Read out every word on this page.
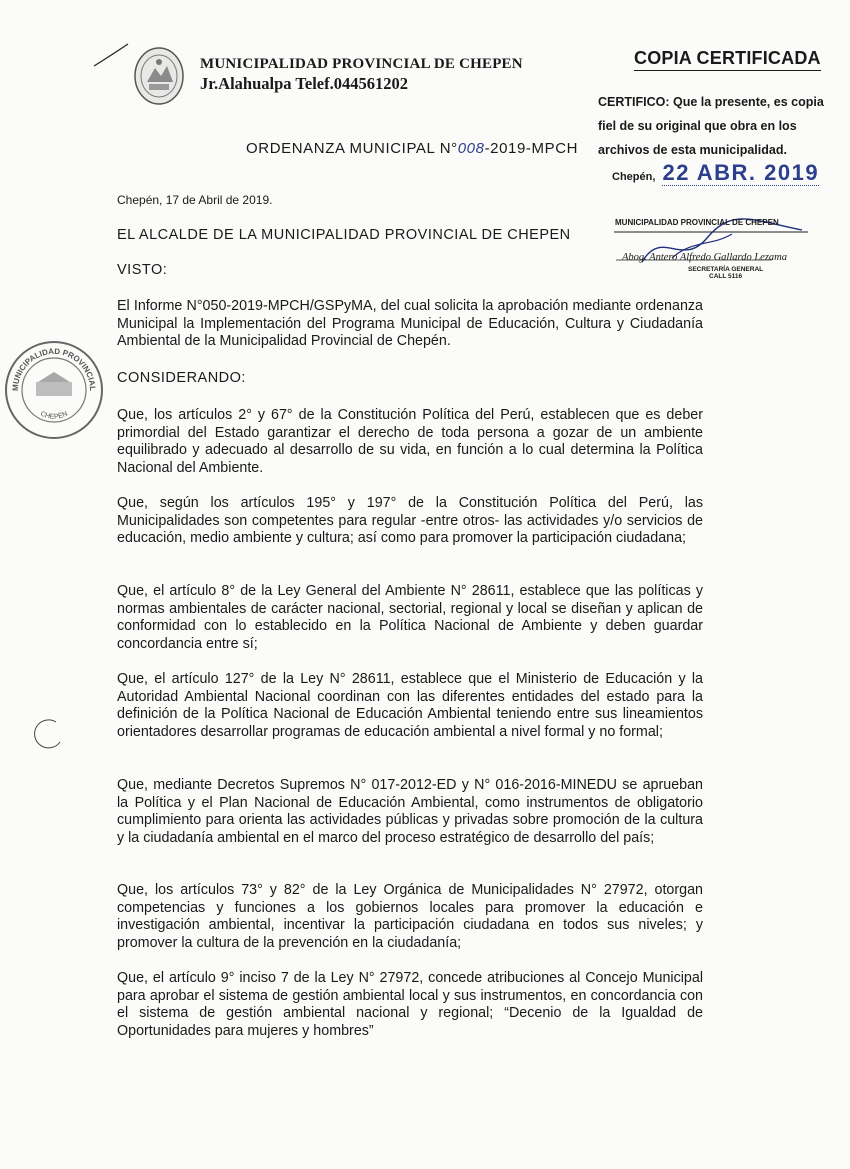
MUNICIPALIDAD PROVINCIAL DE CHEPEN
Jr.Alahualpa Telef.044561202
COPIA CERTIFICADA
CERTIFICO: Que la presente, es copia fiel de su original que obra en los archivos de esta municipalidad.
Chepén, 22 ABR. 2019
MUNICIPALIDAD PROVINCIAL DE CHEPEN
Abog. Antero Alfredo Gallardo Lezama
SECRETARÍA GENERAL
CALL 5116
ORDENANZA MUNICIPAL N°008-2019-MPCH
Chepén, 17 de Abril de 2019.
EL ALCALDE DE LA MUNICIPALIDAD PROVINCIAL DE CHEPEN
VISTO:

El Informe N°050-2019-MPCH/GSPyMA, del cual solicita la aprobación mediante ordenanza Municipal la Implementación del Programa Municipal de Educación, Cultura y Ciudadanía Ambiental de la Municipalidad Provincial de Chepén.

MUNICIPALIDAD PROVINCIAL
CHEPÉN
CONSIDERANDO:

Que, los artículos 2° y 67° de la Constitución Política del Perú, establecen que es deber primordial del Estado garantizar el derecho de toda persona a gozar de un ambiente equilibrado y adecuado al desarrollo de su vida, en función a lo cual determina la Política Nacional del Ambiente.

Que, según los artículos 195° y 197° de la Constitución Política del Perú, las Municipalidades son competentes para regular -entre otros- las actividades y/o servicios de educación, medio ambiente y cultura; así como para promover la participación ciudadana;

Que, el artículo 8° de la Ley General del Ambiente N° 28611, establece que las políticas y normas ambientales de carácter nacional, sectorial, regional y local se diseñan y aplican de conformidad con lo establecido en la Política Nacional de Ambiente y deben guardar concordancia entre sí;

Que, el artículo 127° de la Ley N° 28611, establece que el Ministerio de Educación y la Autoridad Ambiental Nacional coordinan con las diferentes entidades del estado para la definición de la Política Nacional de Educación Ambiental teniendo entre sus lineamientos orientadores desarrollar programas de educación ambiental a nivel formal y no formal;

Que, mediante Decretos Supremos N° 017-2012-ED y N° 016-2016-MINEDU se aprueban la Política y el Plan Nacional de Educación Ambiental, como instrumentos de obligatorio cumplimiento para orienta las actividades públicas y privadas sobre promoción de la cultura y la ciudadanía ambiental en el marco del proceso estratégico de desarrollo del país;

Que, los artículos 73° y 82° de la Ley Orgánica de Municipalidades N° 27972, otorgan competencias y funciones a los gobiernos locales para promover la educación e investigación ambiental, incentivar la participación ciudadana en todos sus niveles; y promover la cultura de la prevención en la ciudadanía;

Que, el artículo 9° inciso 7 de la Ley N° 27972, concede atribuciones al Concejo Municipal para aprobar el sistema de gestión ambiental local y sus instrumentos, en concordancia con el sistema de gestión ambiental nacional y regional; “Decenio de la Igualdad de Oportunidades para mujeres y hombres”
